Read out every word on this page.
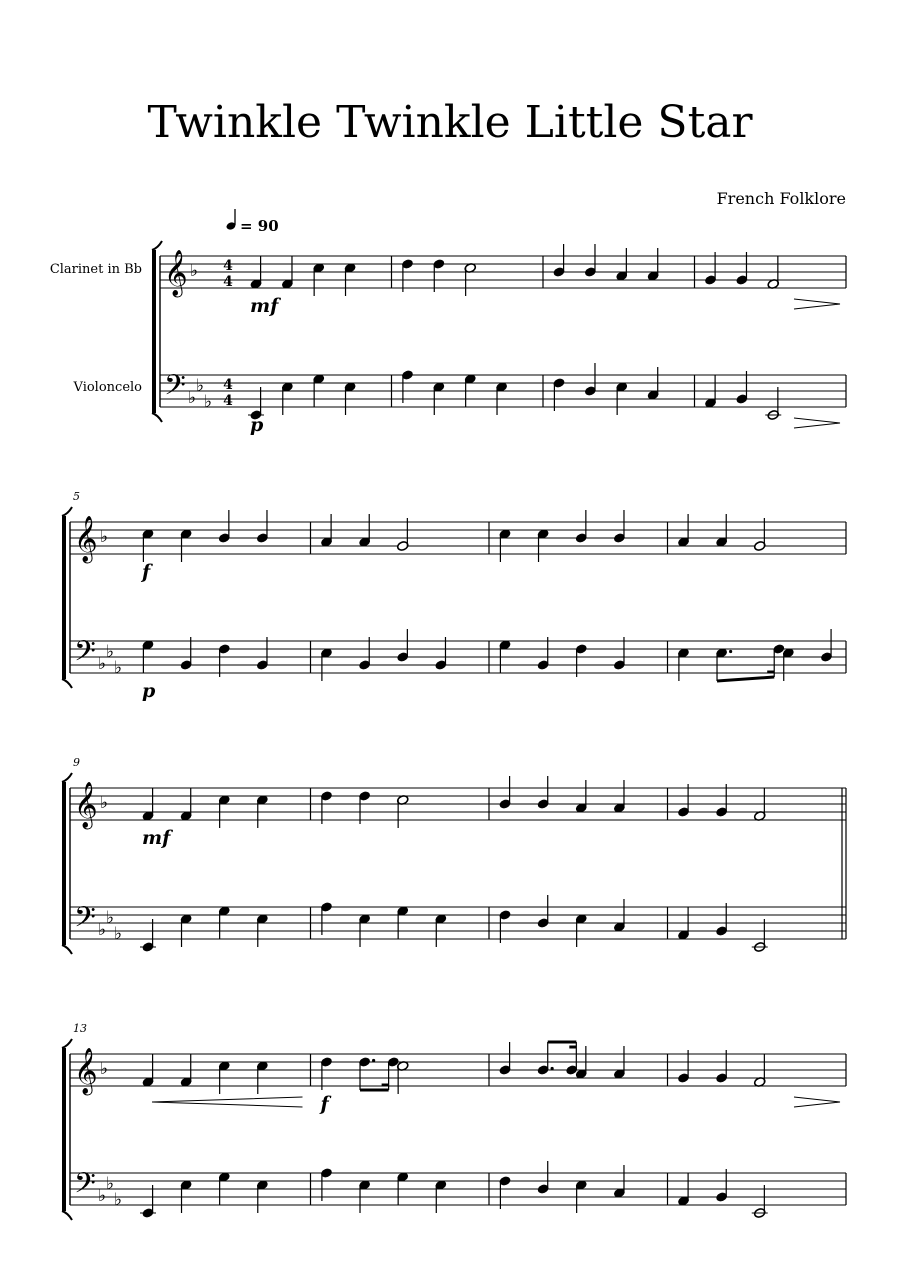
Twinkle Twinkle Little Star
French Folklore
= 90
Clarinet in Bb
Violoncelo
5
9
13
𝄞
𝄢
♭
♭
♭
♭
4
4
4
4
mf
p
𝄞
𝄢
♭
♭
♭
♭
f
p
𝄞
𝄢
♭
♭
♭
♭
mf
𝄞
𝄢
♭
♭
♭
♭
f
